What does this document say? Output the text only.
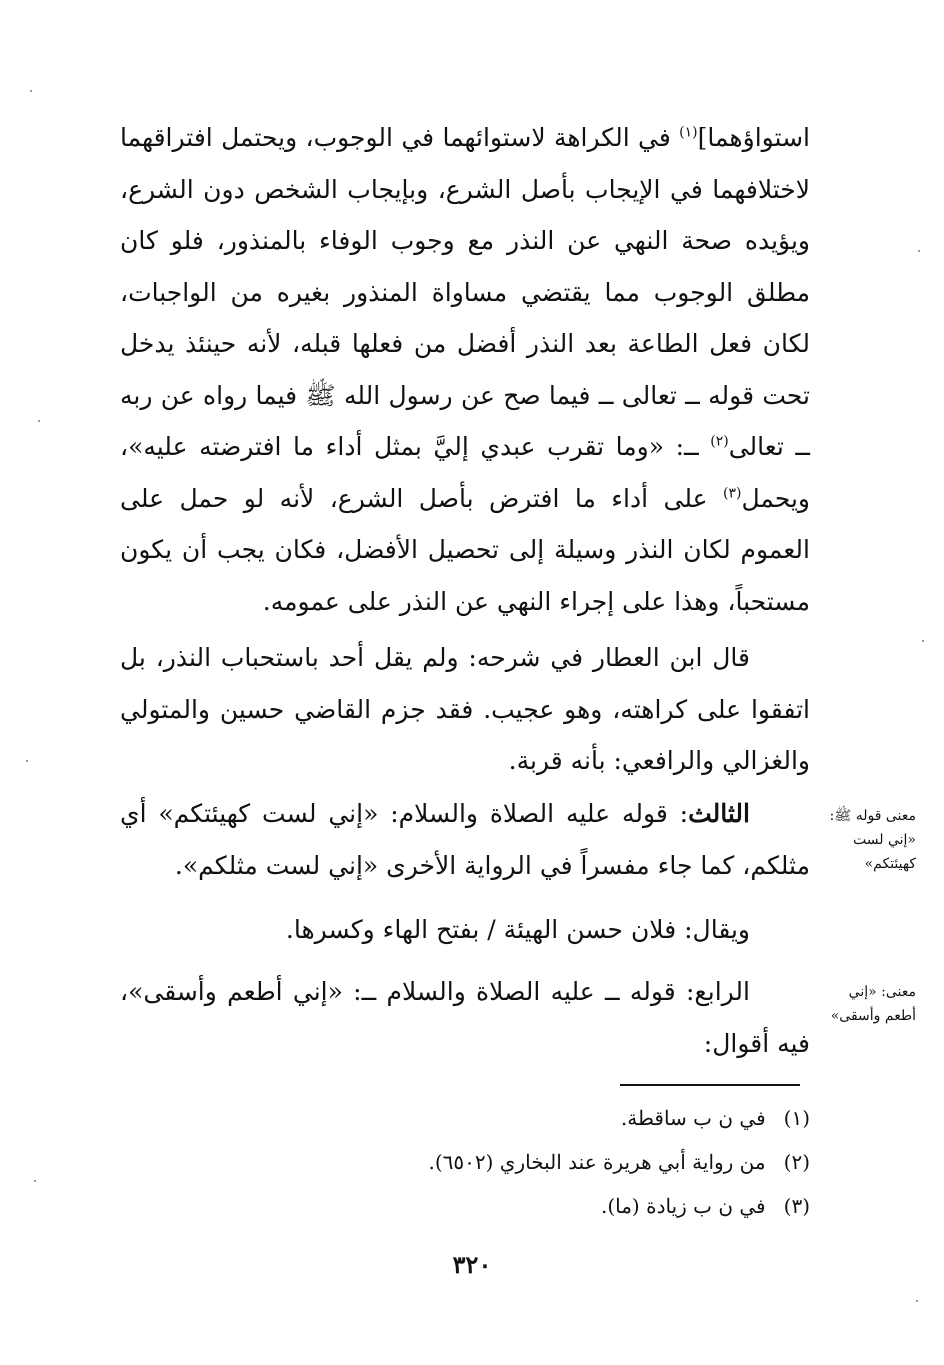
استواؤهما]$^{(١)}$ في الكراهة لاستوائهما في الوجوب، ويحتمل افتراقهما لاختلافهما في الإيجاب بأصل الشرع، وبإيجاب الشخص دون الشرع، ويؤيده صحة النهي عن النذر مع وجوب الوفاء بالمنذور، فلو كان مطلق الوجوب مما يقتضي مساواة المنذور بغيره من الواجبات، لكان فعل الطاعة بعد النذر أفضل من فعلها قبله، لأنه حينئذ يدخل تحت قوله ــ تعالى ــ فيما صح عن رسول الله ﷺ فيما رواه عن ربه ــ تعالى$^{(٢)}$ ــ: «وما تقرب عبدي إليَّ بمثل أداء ما افترضته عليه»، ويحمل$^{(٣)}$ على أداء ما افترض بأصل الشرع، لأنه لو حمل على العموم لكان النذر وسيلة إلى تحصيل الأفضل، فكان يجب أن يكون مستحباً، وهذا على إجراء النهي عن النذر على عمومه.

قال ابن العطار في شرحه: ولم يقل أحد باستحباب النذر، بل اتفقوا على كراهته، وهو عجيب. فقد جزم القاضي حسين والمتولي والغزالي والرافعي: بأنه قربة.

الثالث: قوله عليه الصلاة والسلام: «إني لست كهيئتكم» أي مثلكم، كما جاء مفسراً في الرواية الأخرى «إني لست مثلكم».

ويقال: فلان حسن الهيئة / بفتح الهاء وكسرها.

الرابع: قوله ــ عليه الصلاة والسلام ــ: «إني أطعم وأسقى»، فيه أقوال:

معنى قوله ﷺ: «إني لست كهيئتكم»
معنى: «إني أطعم وأسقى»
(١)في ن ب ساقطة.
(٢)من رواية أبي هريرة عند البخاري (٦٥٠٢).
(٣)في ن ب زيادة (ما).
٣٢٠
